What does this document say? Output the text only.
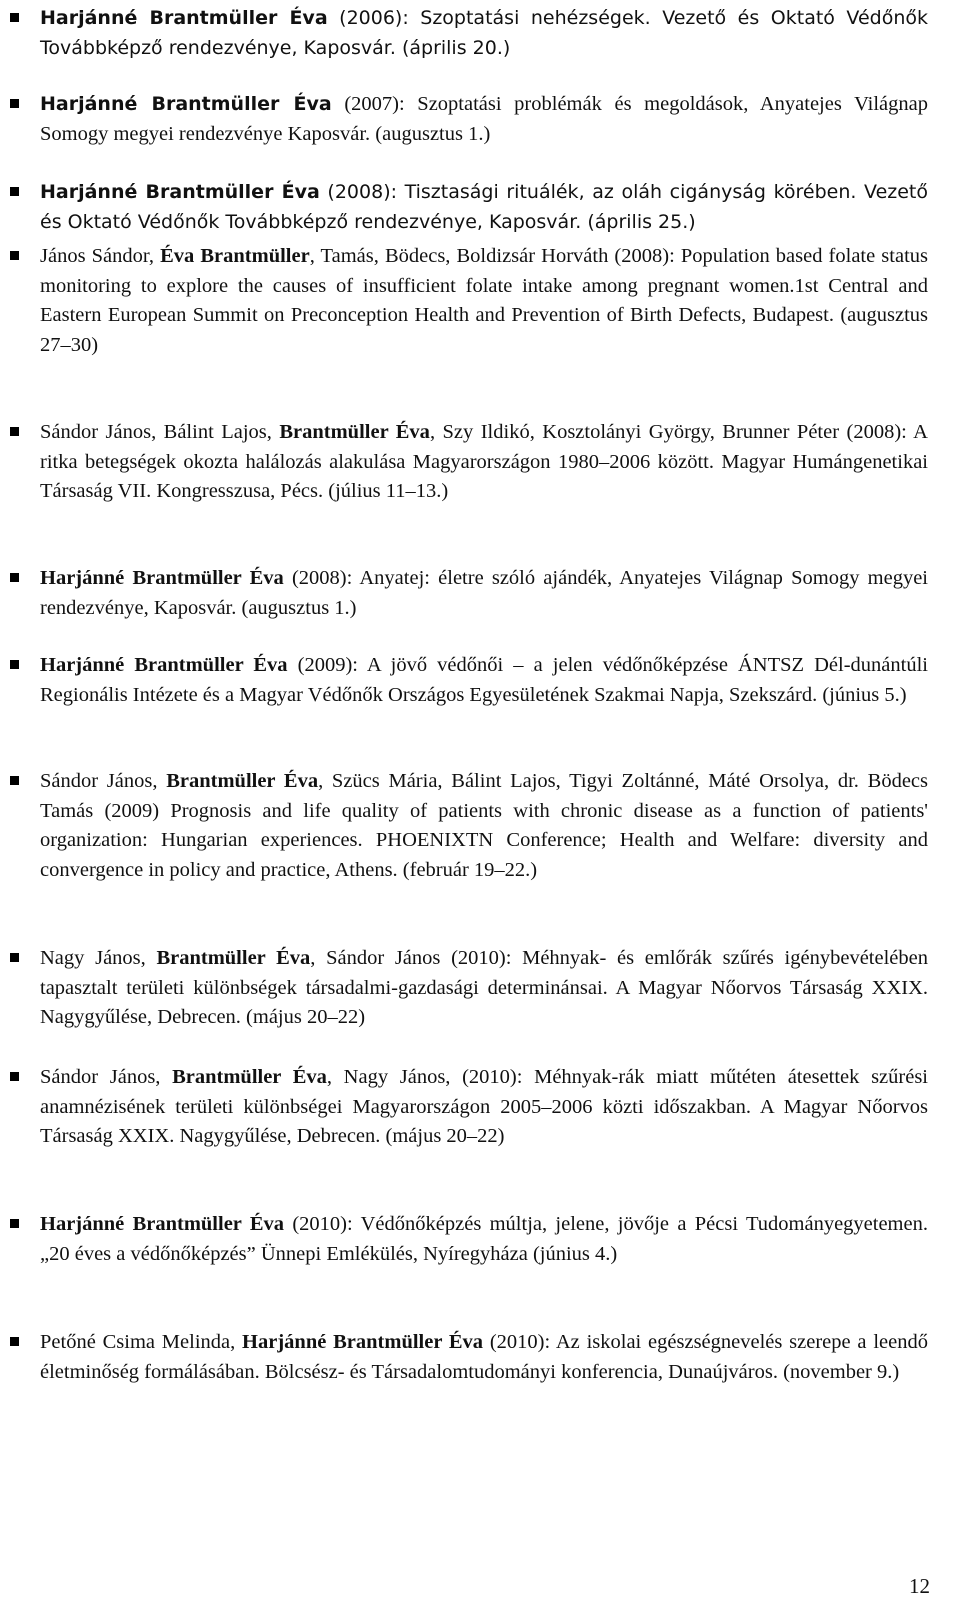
Harjánné Brantmüller Éva (2006): Szoptatási nehézségek. Vezető és Oktató Védőnők Továbbképző rendezvénye, Kaposvár. (április 20.)
Harjánné Brantmüller Éva (2007): Szoptatási problémák és megoldások, Anyatejes Világnap Somogy megyei rendezvénye Kaposvár. (augusztus 1.)
Harjánné Brantmüller Éva (2008): Tisztasági rituálék, az oláh cigányság körében. Vezető és Oktató Védőnők Továbbképző rendezvénye, Kaposvár. (április 25.)
János Sándor, Éva Brantmüller, Tamás, Bödecs, Boldizsár Horváth (2008): Population based folate status monitoring to explore the causes of insufficient folate intake among pregnant women.1st Central and Eastern European Summit on Preconception Health and Prevention of Birth Defects, Budapest. (augusztus 27–30)
Sándor János, Bálint Lajos, Brantmüller Éva, Szy Ildikó, Kosztolányi György, Brunner Péter (2008): A ritka betegségek okozta halálozás alakulása Magyarországon 1980–2006 között. Magyar Humángenetikai Társaság VII. Kongresszusa, Pécs. (július 11–13.)
Harjánné Brantmüller Éva (2008): Anyatej: életre szóló ajándék, Anyatejes Világnap Somogy megyei rendezvénye, Kaposvár. (augusztus 1.)
Harjánné Brantmüller Éva (2009): A jövő védőnői – a jelen védőnőképzése ÁNTSZ Dél-dunántúli Regionális Intézete és a Magyar Védőnők Országos Egyesületének Szakmai Napja, Szekszárd. (június 5.)
Sándor János, Brantmüller Éva, Szücs Mária, Bálint Lajos, Tigyi Zoltánné, Máté Orsolya, dr. Bödecs Tamás (2009) Prognosis and life quality of patients with chronic disease as a function of patients' organization: Hungarian experiences. PHOENIXTN Conference; Health and Welfare: diversity and convergence in policy and practice, Athens. (február 19–22.)
Nagy János, Brantmüller Éva, Sándor János (2010): Méhnyak- és emlőrák szűrés igénybevételében tapasztalt területi különbségek társadalmi-gazdasági determinánsai. A Magyar Nőorvos Társaság XXIX. Nagygyűlése, Debrecen. (május 20–22)
Sándor János, Brantmüller Éva, Nagy János, (2010): Méhnyak-rák miatt műtéten átesettek szűrési anamnézisének területi különbségei Magyarországon 2005–2006 közti időszakban. A Magyar Nőorvos Társaság XXIX. Nagygyűlése, Debrecen. (május 20–22)
Harjánné Brantmüller Éva (2010): Védőnőképzés múltja, jelene, jövője a Pécsi Tudományegyetemen. „20 éves a védőnőképzés” Ünnepi Emlékülés, Nyíregyháza (június 4.)
Petőné Csima Melinda, Harjánné Brantmüller Éva (2010): Az iskolai egészségnevelés szerepe a leendő életminőség formálásában. Bölcsész- és Társadalomtudományi konferencia, Dunaújváros. (november 9.)
12
